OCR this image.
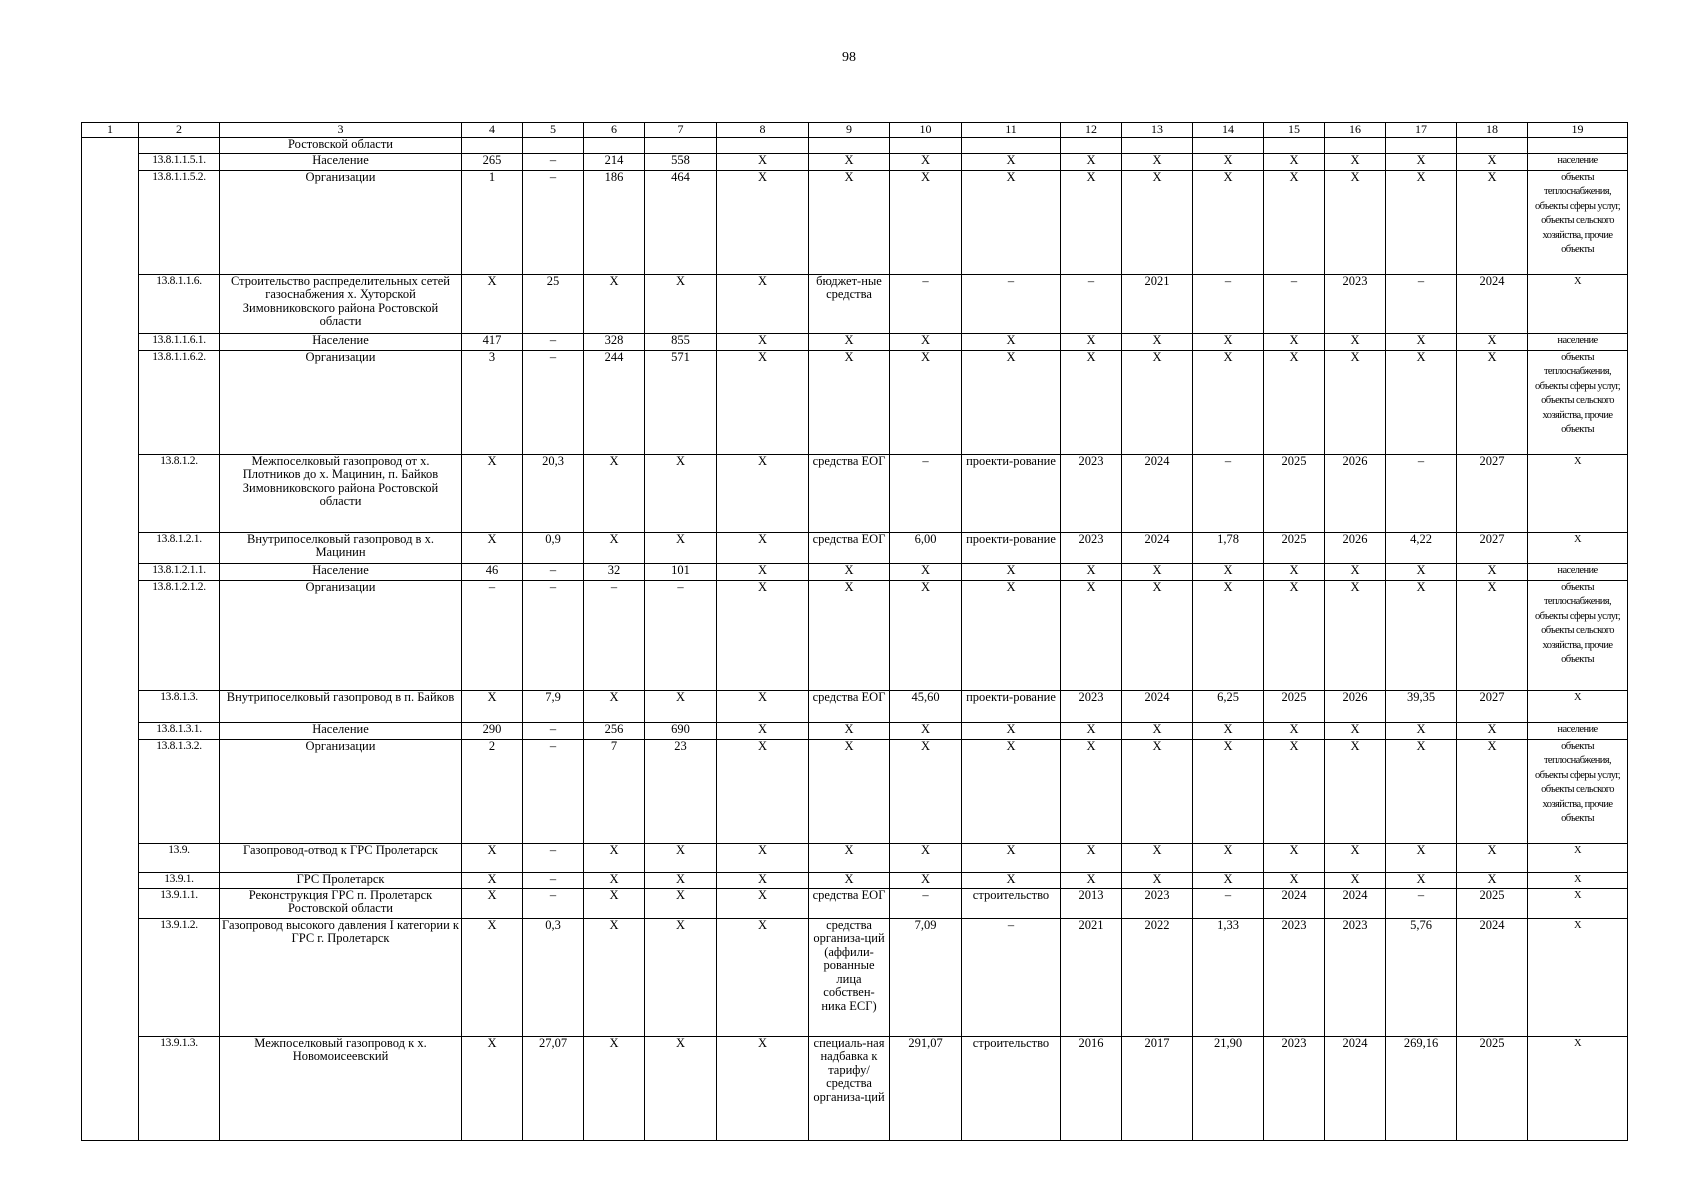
98
1	2	3	4	5	6	7	8	9	10	11	12	13	14	15	16	17	18	19
		Ростовской области																
	13.8.1.1.5.1.	Население	265	–	214	558	X	X	X	X	X	X	X	X	X	X	X	население
	13.8.1.1.5.2.	Организации	1	–	186	464	X	X	X	X	X	X	X	X	X	X	X	объекты теплоснабжения, объекты сферы услуг, объекты сельского хозяйства, прочие объекты
	13.8.1.1.6.	Строительство распределительных сетей газоснабжения х. Хуторской Зимовниковского района Ростовской области	X	25	X	X	X	бюджет-ные средства	–	–	–	2021	–	–	2023	–	2024	X
	13.8.1.1.6.1.	Население	417	–	328	855	X	X	X	X	X	X	X	X	X	X	X	население
	13.8.1.1.6.2.	Организации	3	–	244	571	X	X	X	X	X	X	X	X	X	X	X	объекты теплоснабжения, объекты сферы услуг, объекты сельского хозяйства, прочие объекты
	13.8.1.2.	Межпоселковый газопровод от х. Плотников до х. Мацинин, п. Байков Зимовниковского района Ростовской области	X	20,3	X	X	X	средства ЕОГ	–	проекти-рование	2023	2024	–	2025	2026	–	2027	X
	13.8.1.2.1.	Внутрипоселковый газопровод в х. Мацинин	X	0,9	X	X	X	средства ЕОГ	6,00	проекти-рование	2023	2024	1,78	2025	2026	4,22	2027	X
	13.8.1.2.1.1.	Население	46	–	32	101	X	X	X	X	X	X	X	X	X	X	X	население
	13.8.1.2.1.2.	Организации	–	–	–	–	X	X	X	X	X	X	X	X	X	X	X	объекты теплоснабжения, объекты сферы услуг, объекты сельского хозяйства, прочие объекты
	13.8.1.3.	Внутрипоселковый газопровод в п. Байков	X	7,9	X	X	X	средства ЕОГ	45,60	проекти-рование	2023	2024	6,25	2025	2026	39,35	2027	X
	13.8.1.3.1.	Население	290	–	256	690	X	X	X	X	X	X	X	X	X	X	X	население
	13.8.1.3.2.	Организации	2	–	7	23	X	X	X	X	X	X	X	X	X	X	X	объекты теплоснабжения, объекты сферы услуг, объекты сельского хозяйства, прочие объекты
	13.9.	Газопровод-отвод к ГРС Пролетарск	X	–	X	X	X	X	X	X	X	X	X	X	X	X	X	X
	13.9.1.	ГРС Пролетарск	X	–	X	X	X	X	X	X	X	X	X	X	X	X	X	X
	13.9.1.1.	Реконструкция ГРС п. Пролетарск Ростовской области	X	–	X	X	X	средства ЕОГ	–	строительство	2013	2023	–	2024	2024	–	2025	X
	13.9.1.2.	Газопровод высокого давления I категории к ГРС г. Пролетарск	X	0,3	X	X	X	средства организа-ций (аффили-рованные лица собствен-ника ЕСГ)	7,09	–	2021	2022	1,33	2023	2023	5,76	2024	X
	13.9.1.3.	Межпоселковый газопровод к х. Новомоисеевский	X	27,07	X	X	X	специаль-ная надбавка к тарифу/ средства организа-ций	291,07	строительство	2016	2017	21,90	2023	2024	269,16	2025	X
